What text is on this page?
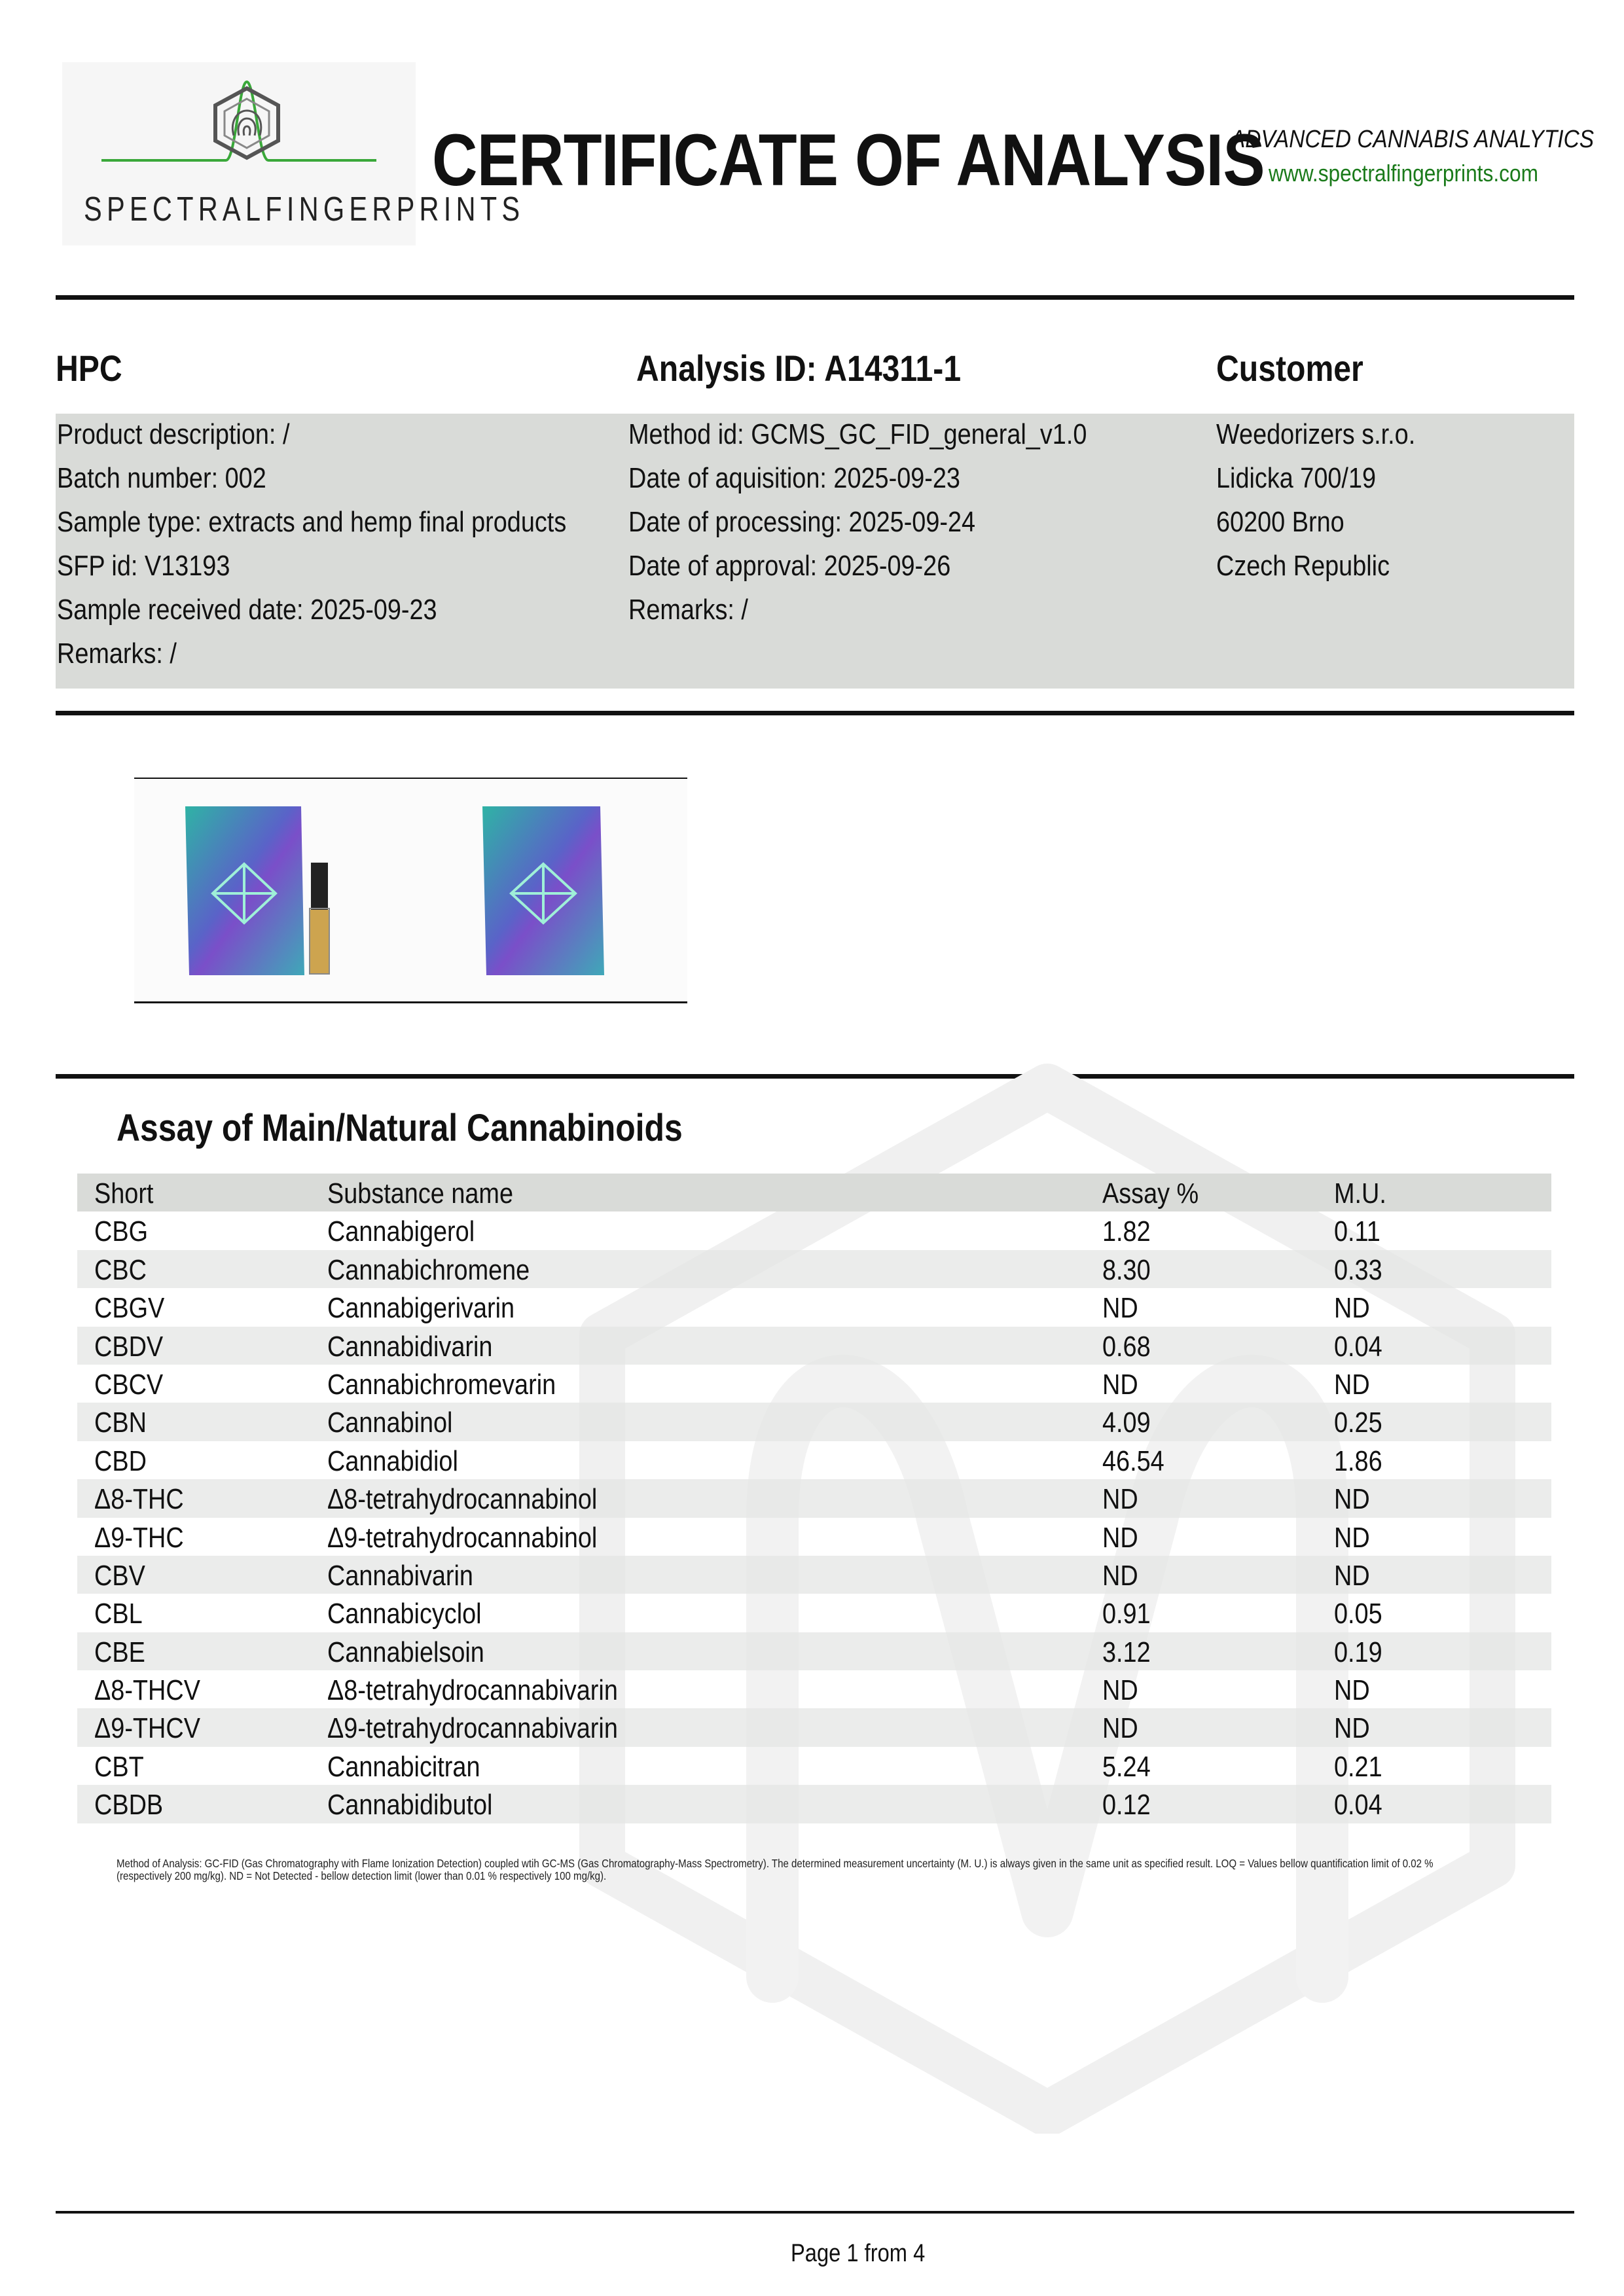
SPECTRALFINGERPRINTS
CERTIFICATE OF ANALYSIS
ADVANCED CANNABIS ANALYTICS
www.spectralfingerprints.com
HPC	Analysis ID: A14311-1	Customer
Product description: /
Batch number: 002
Sample type: extracts and hemp final products
SFP id: V13193
Sample received date: 2025-09-23
Remarks: /
Method id: GCMS_GC_FID_general_v1.0
Date of aquisition: 2025-09-23
Date of processing: 2025-09-24
Date of approval: 2025-09-26
Remarks: /
Weedorizers s.r.o.
Lidicka 700/19
60200 Brno
Czech Republic
Assay of Main/Natural Cannabinoids
Short	Substance name	Assay %	M.U.
CBG	Cannabigerol	1.82	0.11
CBC	Cannabichromene	8.30	0.33
CBGV	Cannabigerivarin	ND	ND
CBDV	Cannabidivarin	0.68	0.04
CBCV	Cannabichromevarin	ND	ND
CBN	Cannabinol	4.09	0.25
CBD	Cannabidiol	46.54	1.86
Δ8-THC	Δ8-tetrahydrocannabinol	ND	ND
Δ9-THC	Δ9-tetrahydrocannabinol	ND	ND
CBV	Cannabivarin	ND	ND
CBL	Cannabicyclol	0.91	0.05
CBE	Cannabielsoin	3.12	0.19
Δ8-THCV	Δ8-tetrahydrocannabivarin	ND	ND
Δ9-THCV	Δ9-tetrahydrocannabivarin	ND	ND
CBT	Cannabicitran	5.24	0.21
CBDB	Cannabidibutol	0.12	0.04
Method of Analysis: GC-FID (Gas Chromatography with Flame Ionization Detection) coupled wtih GC-MS (Gas Chromatography-Mass Spectrometry). The determined measurement uncertainty (M. U.) is always given in the same unit as specified result. LOQ = Values bellow quantification limit of 0.02 % (respectively 200 mg/kg). ND = Not Detected - bellow detection limit (lower than 0.01 % respectively 100 mg/kg).
Page 1 from 4
